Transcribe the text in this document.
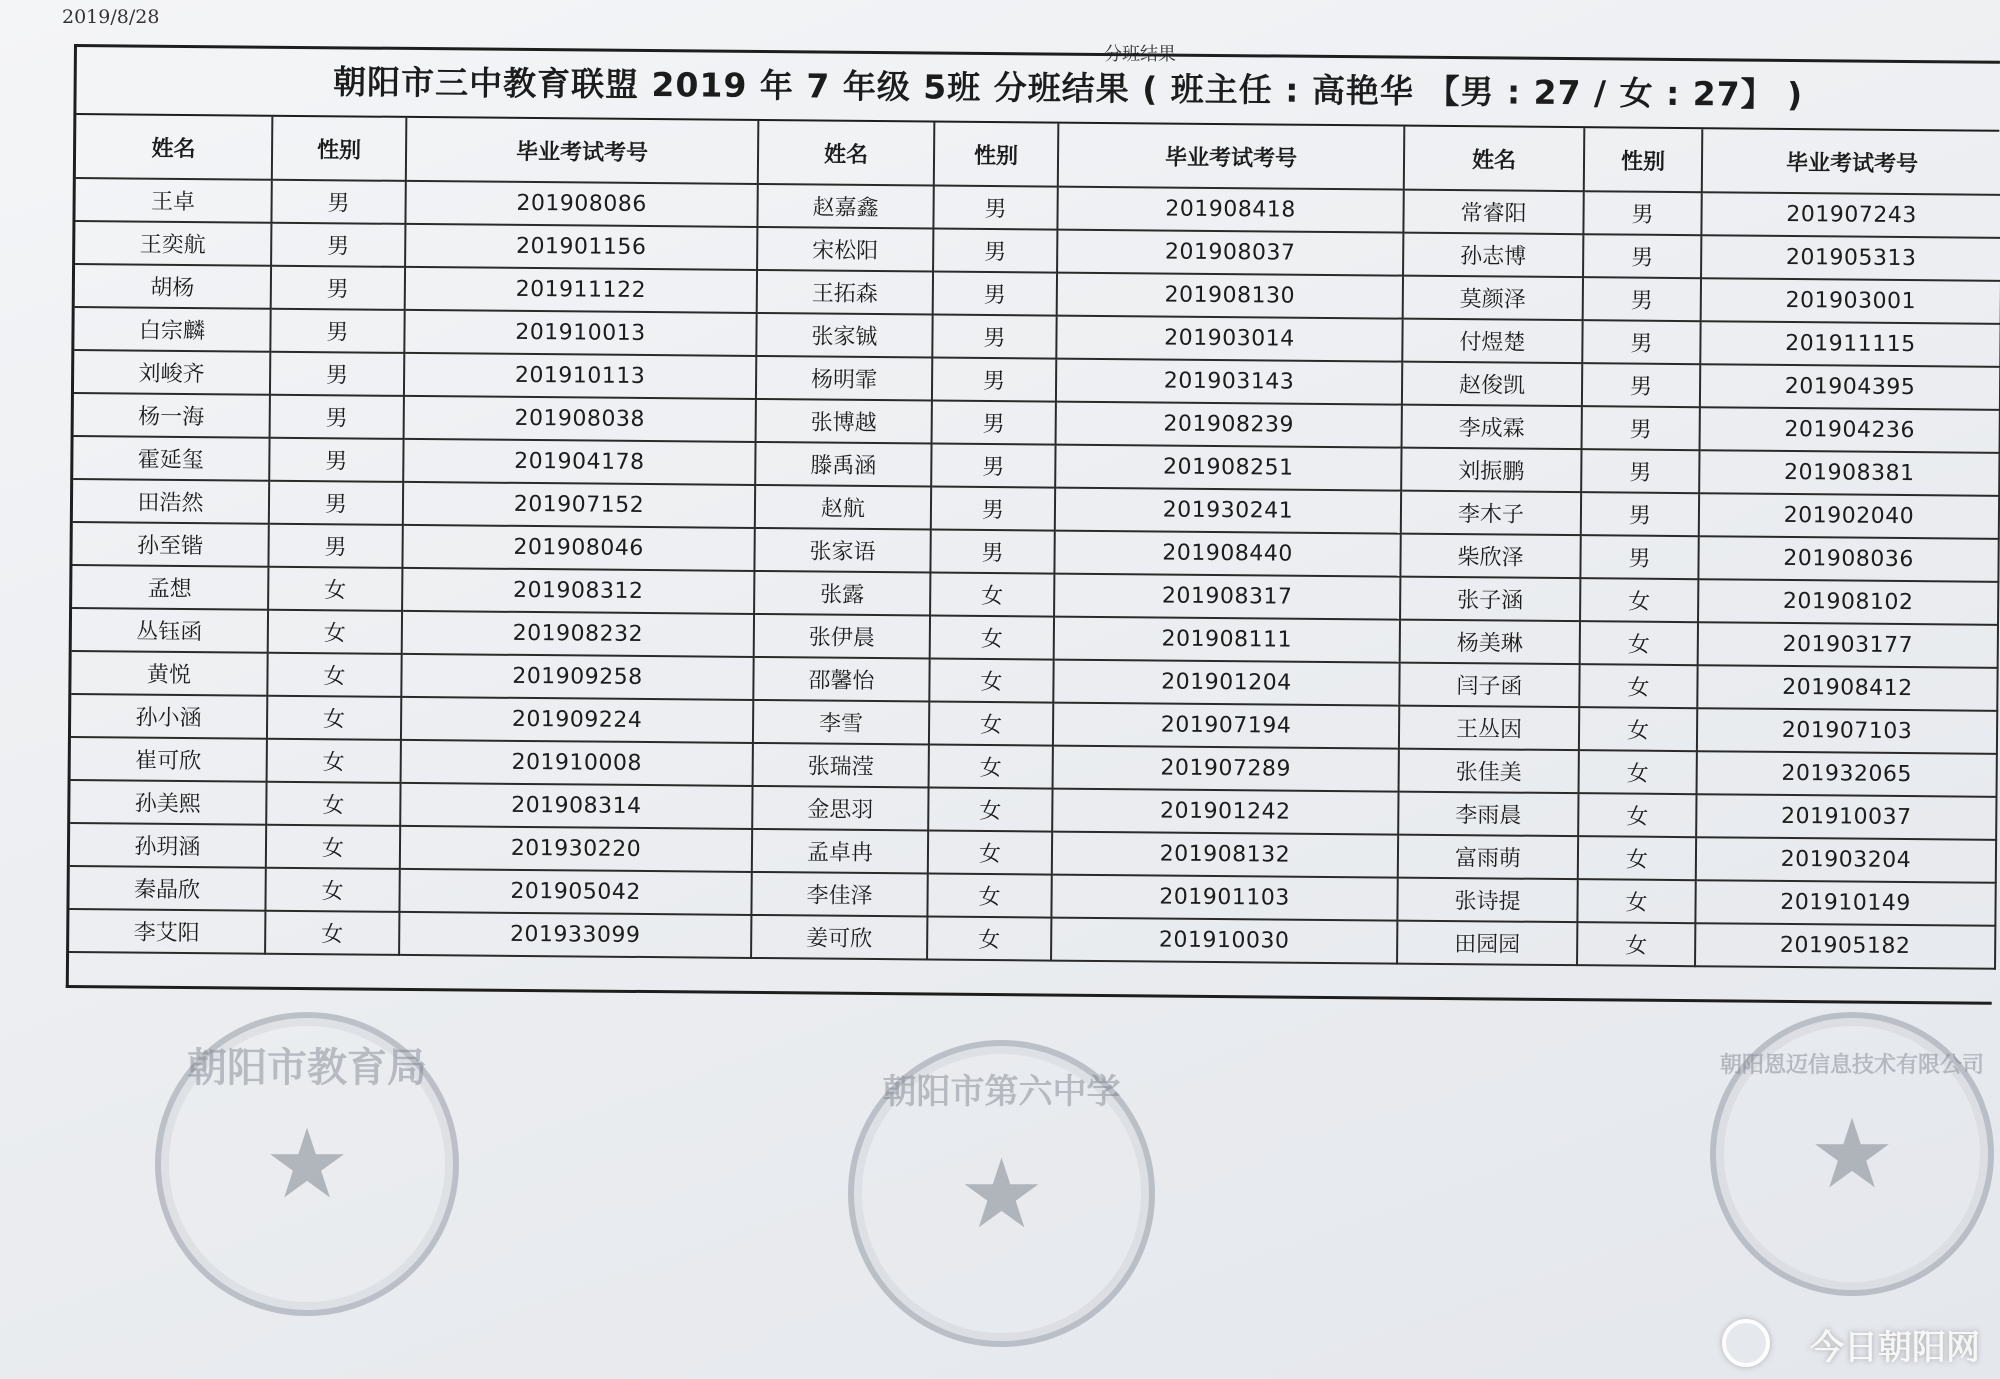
2019/8/28
分班结果
朝阳市三中教育联盟 2019 年 7 年级 5班 分班结果 ( 班主任 : 高艳华 【男 : 27 / 女 : 27】 )
姓名	性别	毕业考试考号	姓名	性别	毕业考试考号	姓名	性别	毕业考试考号
王卓	男	201908086	赵嘉鑫	男	201908418	常睿阳	男	201907243
王奕航	男	201901156	宋松阳	男	201908037	孙志博	男	201905313
胡杨	男	201911122	王拓森	男	201908130	莫颜泽	男	201903001
白宗麟	男	201910013	张家铖	男	201903014	付煜楚	男	201911115
刘峻齐	男	201910113	杨明霏	男	201903143	赵俊凯	男	201904395
杨一海	男	201908038	张博越	男	201908239	李成霖	男	201904236
霍延玺	男	201904178	滕禹涵	男	201908251	刘振鹏	男	201908381
田浩然	男	201907152	赵航	男	201930241	李木子	男	201902040
孙至锴	男	201908046	张家语	男	201908440	柴欣泽	男	201908036
孟想	女	201908312	张露	女	201908317	张子涵	女	201908102
丛钰函	女	201908232	张伊晨	女	201908111	杨美琳	女	201903177
黄悦	女	201909258	邵馨怡	女	201901204	闫子函	女	201908412
孙小涵	女	201909224	李雪	女	201907194	王丛因	女	201907103
崔可欣	女	201910008	张瑞滢	女	201907289	张佳美	女	201932065
孙美熙	女	201908314	金思羽	女	201901242	李雨晨	女	201910037
孙玥涵	女	201930220	孟卓冉	女	201908132	富雨萌	女	201903204
秦晶欣	女	201905042	李佳泽	女	201901103	张诗提	女	201910149
李艾阳	女	201933099	姜可欣	女	201910030	田园园	女	201905182
朝阳市教育局
★
朝阳市第六中学
★
朝阳恩迈信息技术有限公司
★
今日朝阳网
